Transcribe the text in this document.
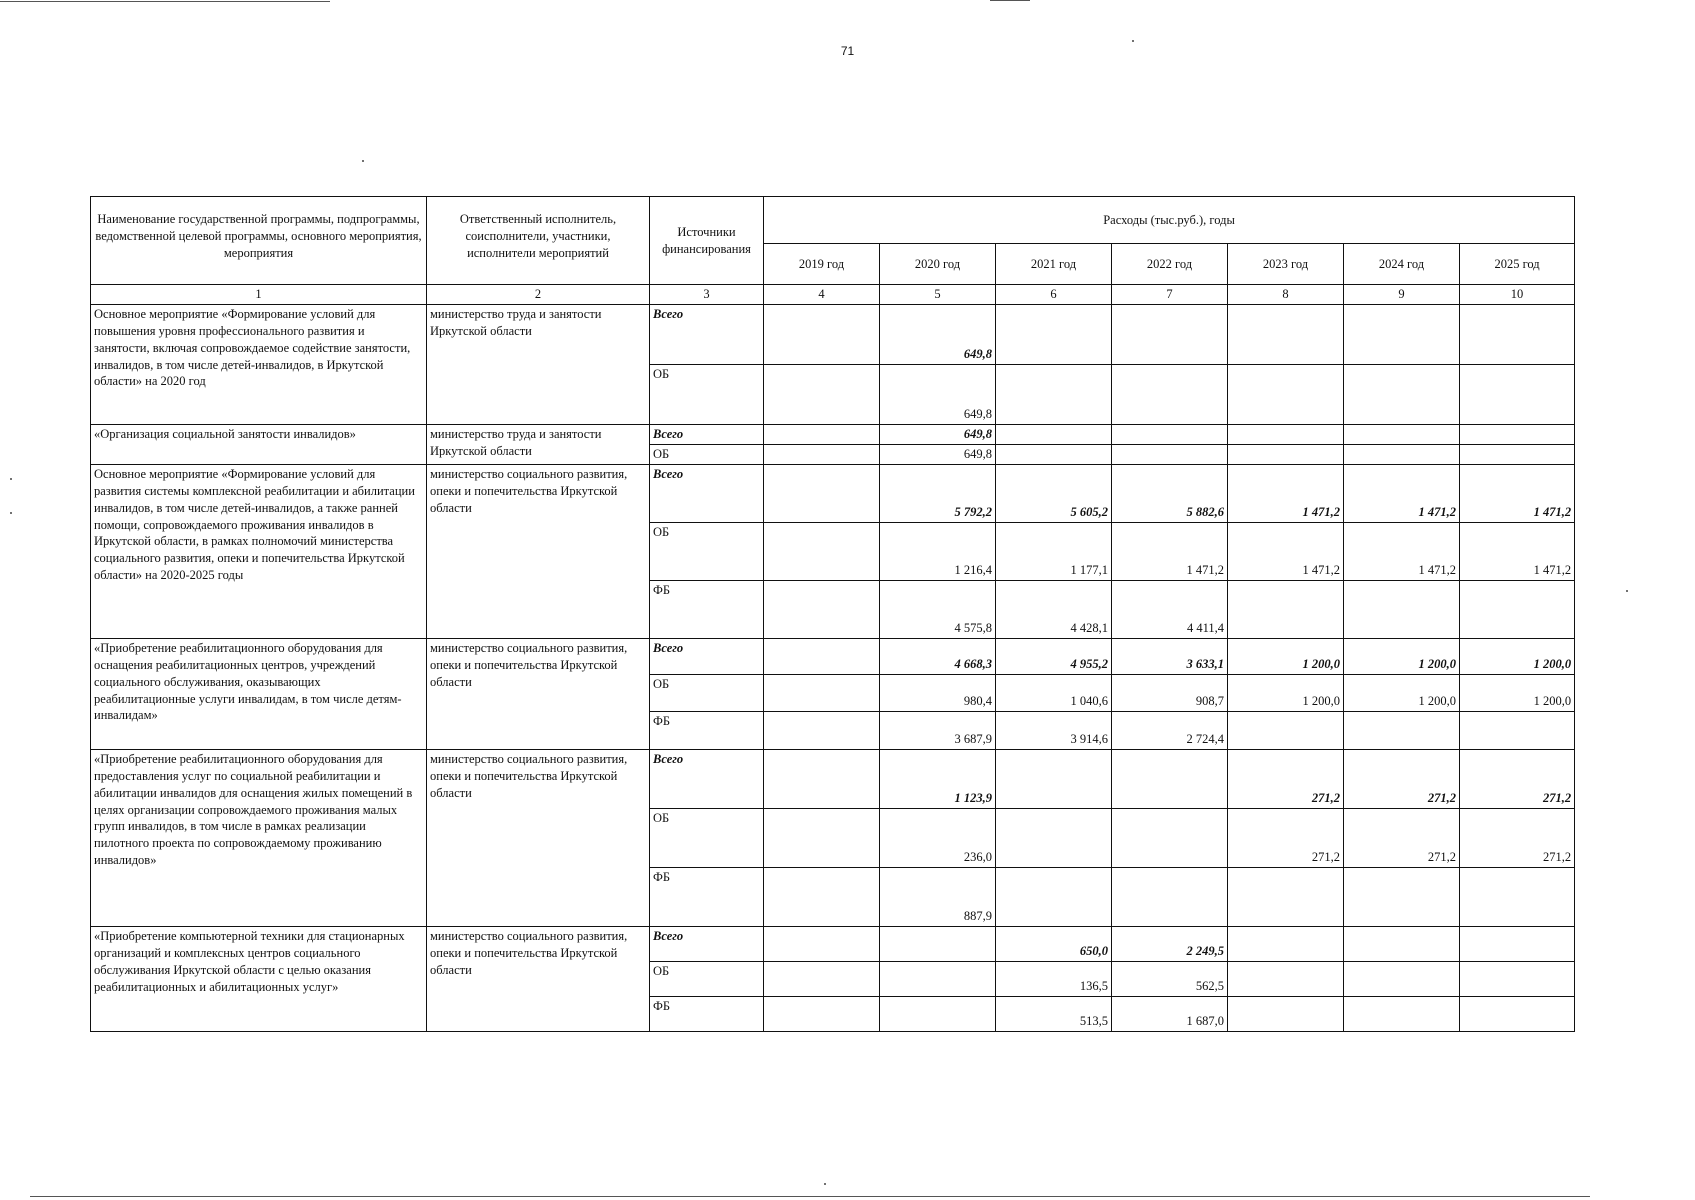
71
Наименование государственной программы, подпрограммы, ведомственной целевой программы, основного мероприятия, мероприятия	Ответственный исполнитель, соисполнители, участники, исполнители мероприятий	Источники финансирования	Расходы (тыс.руб.), годы						
			2019 год	2020 год	2021 год	2022 год	2023 год	2024 год	2025 год
1	2	3	4	5	6	7	8	9	10
Основное мероприятие «Формирование условий для повышения уровня профессионального развития и занятости, включая сопровождаемое содействие занятости, инвалидов, в том числе детей-инвалидов, в Иркутской области» на 2020 год	министерство труда и занятости Иркутской области	Всего		649,8					
		ОБ		649,8					
«Организация социальной занятости инвалидов»	министерство труда и занятости Иркутской области	Всего		649,8					
		ОБ		649,8					
Основное мероприятие «Формирование условий для развития системы комплексной реабилитации и абилитации инвалидов, в том числе детей-инвалидов, а также ранней помощи, сопровождаемого проживания инвалидов в Иркутской области, в рамках полномочий министерства социального развития, опеки и попечительства Иркутской области» на 2020-2025 годы	министерство социального развития, опеки и попечительства Иркутской области	Всего		5 792,2	5 605,2	5 882,6	1 471,2	1 471,2	1 471,2
		ОБ		1 216,4	1 177,1	1 471,2	1 471,2	1 471,2	1 471,2
		ФБ		4 575,8	4 428,1	4 411,4			
«Приобретение реабилитационного оборудования для оснащения реабилитационных центров, учреждений социального обслуживания, оказывающих реабилитационные услуги инвалидам, в том числе детям-инвалидам»	министерство социального развития, опеки и попечительства Иркутской области	Всего		4 668,3	4 955,2	3 633,1	1 200,0	1 200,0	1 200,0
		ОБ		980,4	1 040,6	908,7	1 200,0	1 200,0	1 200,0
		ФБ		3 687,9	3 914,6	2 724,4			
«Приобретение реабилитационного оборудования для предоставления услуг по социальной реабилитации и абилитации инвалидов для оснащения жилых помещений в целях организации сопровождаемого проживания малых групп инвалидов, в том числе в рамках реализации пилотного проекта по сопровождаемому проживанию инвалидов»	министерство социального развития, опеки и попечительства Иркутской области	Всего		1 123,9			271,2	271,2	271,2
		ОБ		236,0			271,2	271,2	271,2
		ФБ		887,9					
«Приобретение компьютерной техники для стационарных организаций и комплексных центров социального обслуживания Иркутской области с целью оказания реабилитационных и абилитационных услуг»	министерство социального развития, опеки и попечительства Иркутской области	Всего			650,0	2 249,5			
		ОБ			136,5	562,5			
		ФБ			513,5	1 687,0			
